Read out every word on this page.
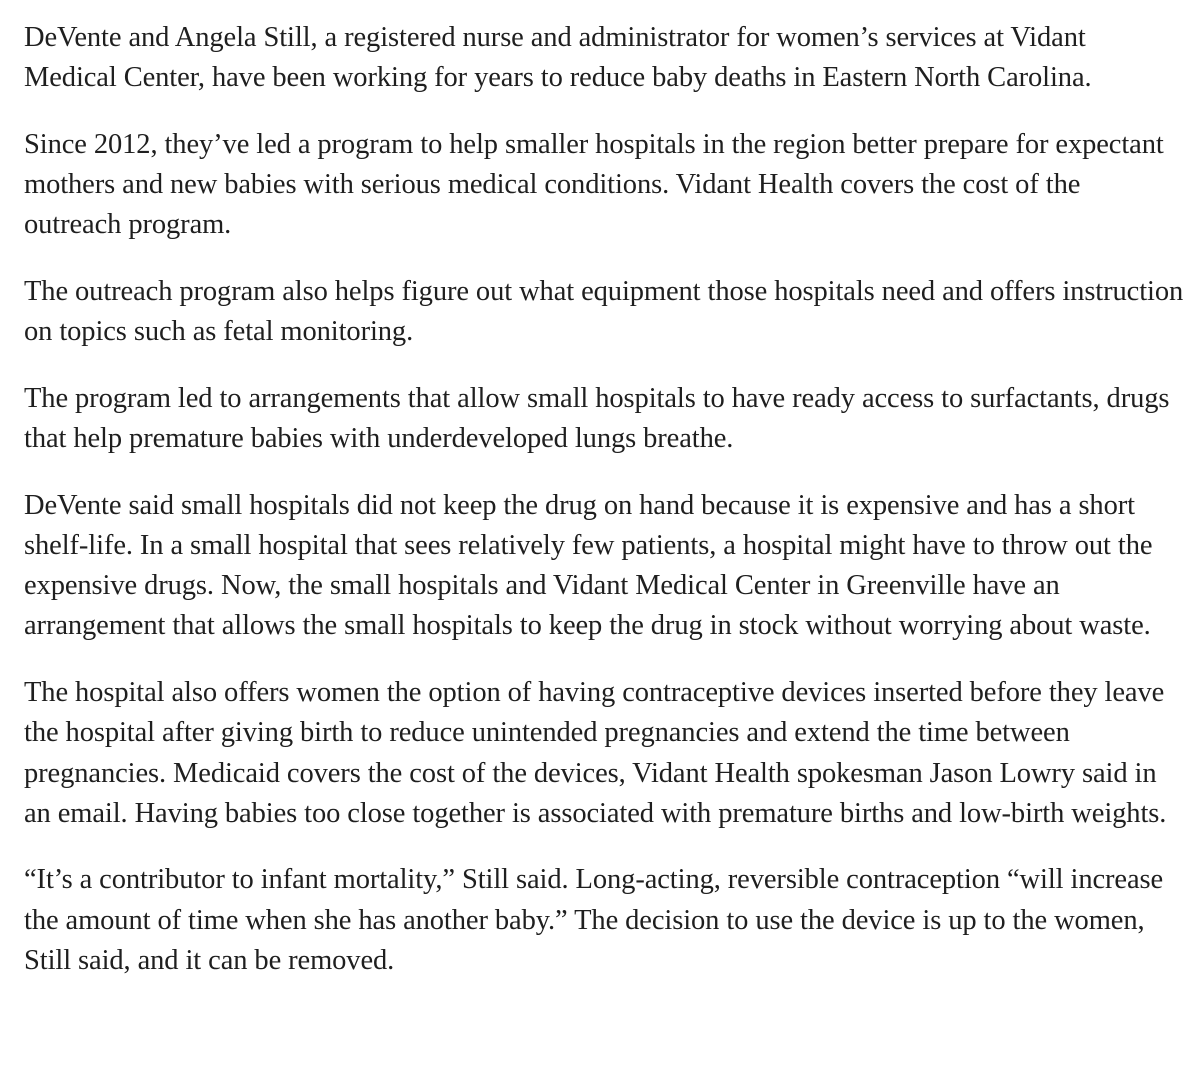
DeVente and Angela Still, a registered nurse and administrator for women’s services at Vidant Medical Center, have been working for years to reduce baby deaths in Eastern North Carolina.

Since 2012, they’ve led a program to help smaller hospitals in the region better prepare for expectant mothers and new babies with serious medical conditions. Vidant Health covers the cost of the outreach program.

The outreach program also helps figure out what equipment those hospitals need and offers instruction on topics such as fetal monitoring.

The program led to arrangements that allow small hospitals to have ready access to surfactants, drugs that help premature babies with underdeveloped lungs breathe.

DeVente said small hospitals did not keep the drug on hand because it is expensive and has a short shelf-life. In a small hospital that sees relatively few patients, a hospital might have to throw out the expensive drugs. Now, the small hospitals and Vidant Medical Center in Greenville have an arrangement that allows the small hospitals to keep the drug in stock without worrying about waste.

The hospital also offers women the option of having contraceptive devices inserted before they leave the hospital after giving birth to reduce unintended pregnancies and extend the time between pregnancies. Medicaid covers the cost of the devices, Vidant Health spokesman Jason Lowry said in an email. Having babies too close together is associated with premature births and low-birth weights.

“It’s a contributor to infant mortality,” Still said. Long-acting, reversible contraception “will increase the amount of time when she has another baby.” The decision to use the device is up to the women, Still said, and it can be removed.
